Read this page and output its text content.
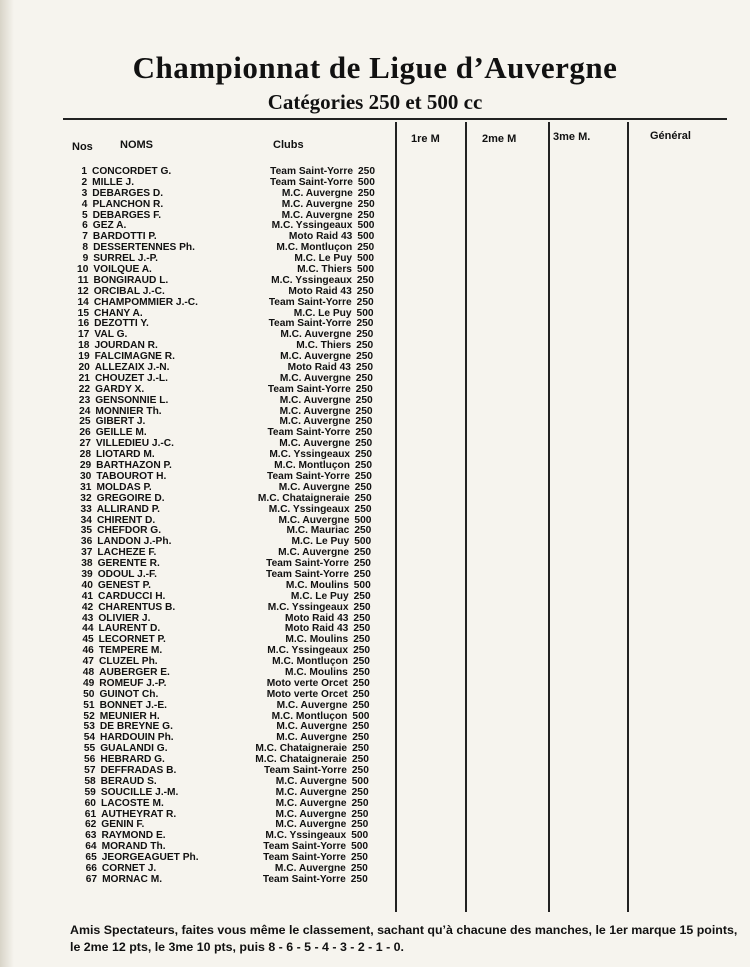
Championnat de Ligue d’Auvergne
Catégories 250 et 500 cc
Nos NOMS	Clubs	1re M	2me M	3me M.	Général
1 CONCORDET G.	Team Saint-Yorre 250
2 MILLE J.	Team Saint-Yorre 500
3 DEBARGES D.	M.C. Auvergne 250
4 PLANCHON R.	M.C. Auvergne 250
5 DEBARGES F.	M.C. Auvergne 250
6 GEZ A.	M.C. Yssingeaux 500
7 BARDOTTI P.	Moto Raid 43 500
8 DESSERTENNES Ph.	M.C. Montluçon 250
9 SURREL J.-P.	M.C. Le Puy 500
10 VOILQUE A.	M.C. Thiers 500
11 BONGIRAUD L.	M.C. Yssingeaux 250
12 ORCIBAL J.-C.	Moto Raid 43 250
14 CHAMPOMMIER J.-C.	Team Saint-Yorre 250
15 CHANY A.	M.C. Le Puy 500
16 DEZOTTI Y.	Team Saint-Yorre 250
17 VAL G.	M.C. Auvergne 250
18 JOURDAN R.	M.C. Thiers 250
19 FALCIMAGNE R.	M.C. Auvergne 250
20 ALLEZAIX J.-N.	Moto Raid 43 250
21 CHOUZET J.-L.	M.C. Auvergne 250
22 GARDY X.	Team Saint-Yorre 250
23 GENSONNIE L.	M.C. Auvergne 250
24 MONNIER Th.	M.C. Auvergne 250
25 GIBERT J.	M.C. Auvergne 250
26 GEILLE M.	Team Saint-Yorre 250
27 VILLEDIEU J.-C.	M.C. Auvergne 250
28 LIOTARD M.	M.C. Yssingeaux 250
29 BARTHAZON P.	M.C. Montluçon 250
30 TABOUROT H.	Team Saint-Yorre 250
31 MOLDAS P.	M.C. Auvergne 250
32 GREGOIRE D.	M.C. Chataigneraie 250
33 ALLIRAND P.	M.C. Yssingeaux 250
34 CHIRENT D.	M.C. Auvergne 500
35 CHEFDOR G.	M.C. Mauriac 250
36 LANDON J.-Ph.	M.C. Le Puy 500
37 LACHEZE F.	M.C. Auvergne 250
38 GERENTE R.	Team Saint-Yorre 250
39 ODOUL J.-F.	Team Saint-Yorre 250
40 GENEST P.	M.C. Moulins 500
41 CARDUCCI H.	M.C. Le Puy 250
42 CHARENTUS B.	M.C. Yssingeaux 250
43 OLIVIER J.	Moto Raid 43 250
44 LAURENT D.	Moto Raid 43 250
45 LECORNET P.	M.C. Moulins 250
46 TEMPERE M.	M.C. Yssingeaux 250
47 CLUZEL Ph.	M.C. Montluçon 250
48 AUBERGER E.	M.C. Moulins 250
49 ROMEUF J.-P.	Moto verte Orcet 250
50 GUINOT Ch.	Moto verte Orcet 250
51 BONNET J.-E.	M.C. Auvergne 250
52 MEUNIER H.	M.C. Montluçon 500
53 DE BREYNE G.	M.C. Auvergne 250
54 HARDOUIN Ph.	M.C. Auvergne 250
55 GUALANDI G.	M.C. Chataigneraie 250
56 HEBRARD G.	M.C. Chataigneraie 250
57 DEFFRADAS B.	Team Saint-Yorre 250
58 BERAUD S.	M.C. Auvergne 500
59 SOUCILLE J.-M.	M.C. Auvergne 250
60 LACOSTE M.	M.C. Auvergne 250
61 AUTHEYRAT R.	M.C. Auvergne 250
62 GENIN F.	M.C. Auvergne 250
63 RAYMOND E.	M.C. Yssingeaux 500
64 MORAND Th.	Team Saint-Yorre 500
65 JEORGEAGUET Ph.	Team Saint-Yorre 250
66 CORNET J.	M.C. Auvergne 250
67 MORNAC M.	Team Saint-Yorre 250
Amis Spectateurs, faites vous même le classement, sachant qu’à chacune des manches, le 1er marque 15 points, le 2me 12 pts, le 3me 10 pts, puis 8 - 6 - 5 - 4 - 3 - 2 - 1 - 0.
